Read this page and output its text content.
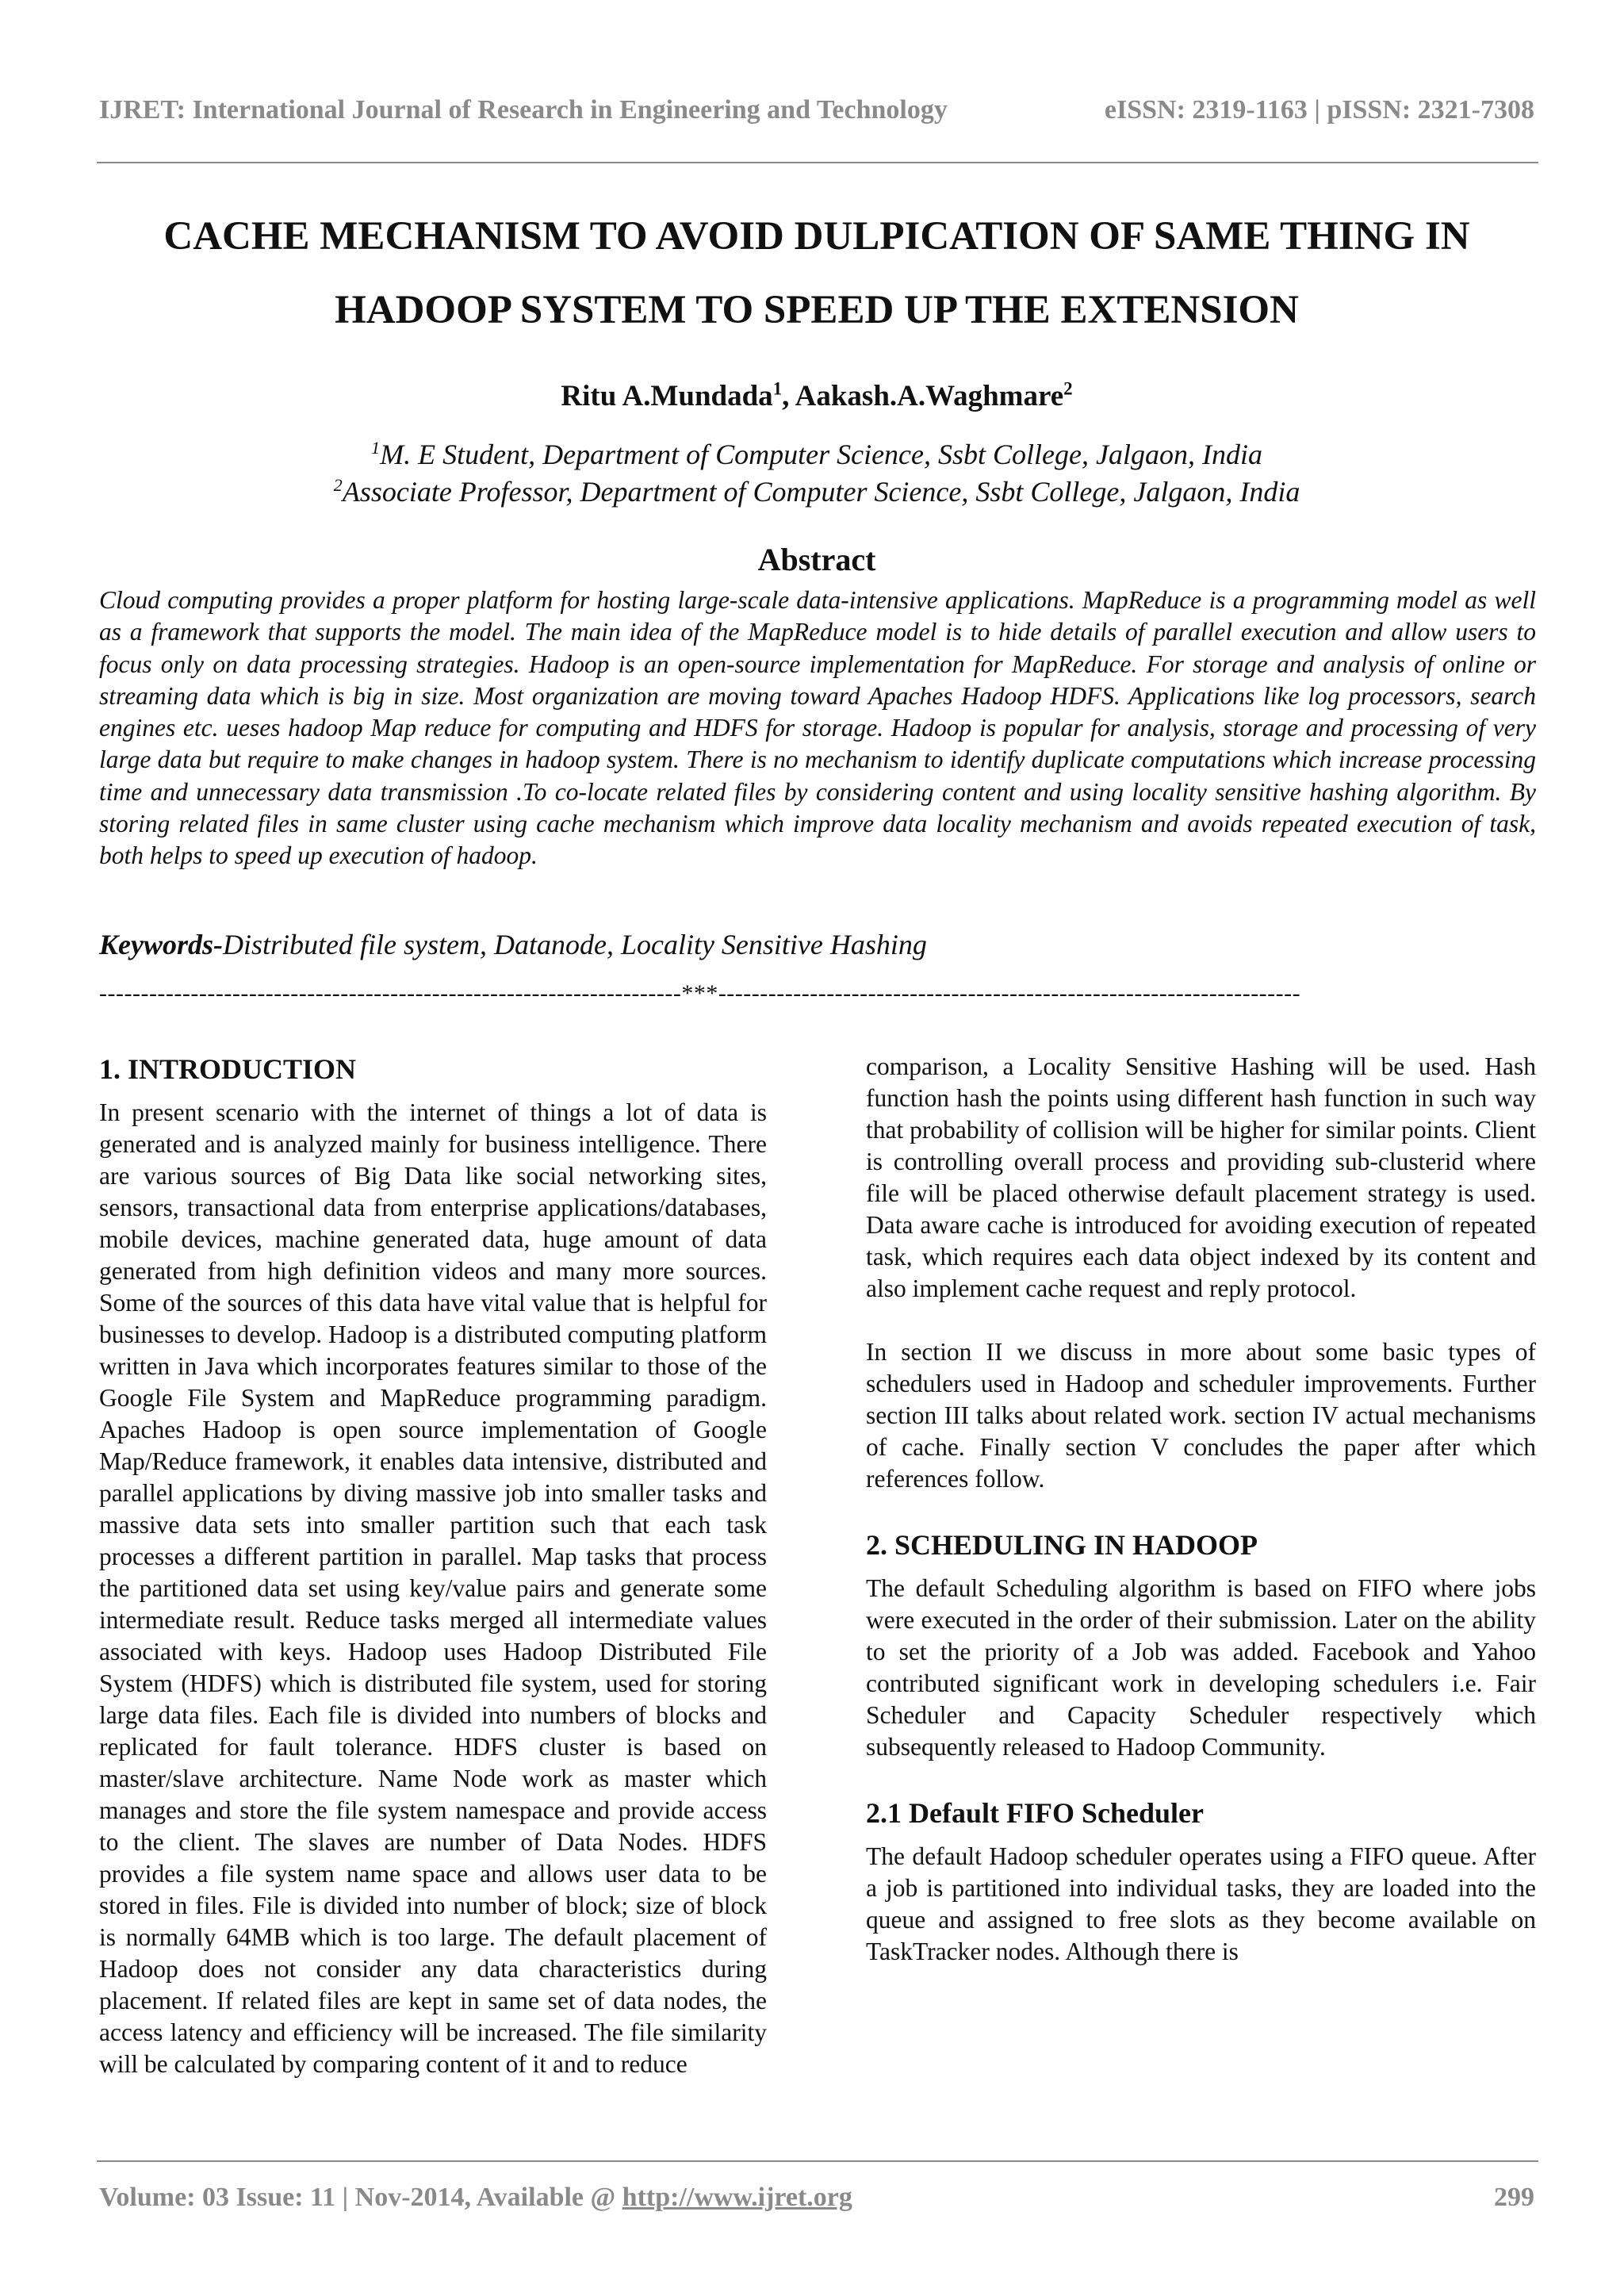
IJRET: International Journal of Research in Engineering and Technology	eISSN: 2319-1163 | pISSN: 2321-7308
CACHE MECHANISM TO AVOID DULPICATION OF SAME THING IN
HADOOP SYSTEM TO SPEED UP THE EXTENSION
Ritu A.Mundada$^1$, Aakash.A.Waghmare$^2$
$^1$M. E Student, Department of Computer Science, Ssbt College, Jalgaon, India
$^2$Associate Professor, Department of Computer Science, Ssbt College, Jalgaon, India
Abstract
Cloud computing provides a proper platform for hosting large-scale data-intensive applications. MapReduce is a programming model as well as a framework that supports the model. The main idea of the MapReduce model is to hide details of parallel execution and allow users to focus only on data processing strategies. Hadoop is an open-source implementation for MapReduce. For storage and analysis of online or streaming data which is big in size. Most organization are moving toward Apaches Hadoop HDFS. Applications like log processors, search engines etc. ueses hadoop Map reduce for computing and HDFS for storage. Hadoop is popular for analysis, storage and processing of very large data but require to make changes in hadoop system. There is no mechanism to identify duplicate computations which increase processing time and unnecessary data transmission .To co-locate related files by considering content and using locality sensitive hashing algorithm. By storing related files in same cluster using cache mechanism which improve data locality mechanism and avoids repeated execution of task, both helps to speed up execution of hadoop.
Keywords-Distributed file system, Datanode, Locality Sensitive Hashing
----------------------------------------------------------------------***----------------------------------------------------------------------
1. INTRODUCTION

In present scenario with the internet of things a lot of data is generated and is analyzed mainly for business intelligence. There are various sources of Big Data like social networking sites, sensors, transactional data from enterprise applications/databases, mobile devices, machine generated data, huge amount of data generated from high definition videos and many more sources. Some of the sources of this data have vital value that is helpful for businesses to develop. Hadoop is a distributed computing platform written in Java which incorporates features similar to those of the Google File System and MapReduce programming paradigm. Apaches Hadoop is open source implementation of Google Map/Reduce framework, it enables data intensive, distributed and parallel applications by diving massive job into smaller tasks and massive data sets into smaller partition such that each task processes a different partition in parallel. Map tasks that process the partitioned data set using key/value pairs and generate some intermediate result. Reduce tasks merged all intermediate values associated with keys. Hadoop uses Hadoop Distributed File System (HDFS) which is distributed file system, used for storing large data files. Each file is divided into numbers of blocks and replicated for fault tolerance. HDFS cluster is based on master/slave architecture. Name Node work as master which manages and store the file system namespace and provide access to the client. The slaves are number of Data Nodes. HDFS provides a file system name space and allows user data to be stored in files. File is divided into number of block; size of block is normally 64MB which is too large. The default placement of Hadoop does not consider any data characteristics during placement. If related files are kept in same set of data nodes, the access latency and efficiency will be increased. The file similarity will be calculated by comparing content of it and to reduce

comparison, a Locality Sensitive Hashing will be used. Hash function hash the points using different hash function in such way that probability of collision will be higher for similar points. Client is controlling overall process and providing sub-clusterid where file will be placed otherwise default placement strategy is used. Data aware cache is introduced for avoiding execution of repeated task, which requires each data object indexed by its content and also implement cache request and reply protocol.

In section II we discuss in more about some basic types of schedulers used in Hadoop and scheduler improvements. Further section III talks about related work. section IV actual mechanisms of cache. Finally section V concludes the paper after which references follow.

2. SCHEDULING IN HADOOP

The default Scheduling algorithm is based on FIFO where jobs were executed in the order of their submission. Later on the ability to set the priority of a Job was added. Facebook and Yahoo contributed significant work in developing schedulers i.e. Fair Scheduler and Capacity Scheduler respectively which subsequently released to Hadoop Community.

2.1 Default FIFO Scheduler

The default Hadoop scheduler operates using a FIFO queue. After a job is partitioned into individual tasks, they are loaded into the queue and assigned to free slots as they become available on TaskTracker nodes. Although there is

Volume: 03 Issue: 11 | Nov-2014, Available @ http://www.ijret.org	299
